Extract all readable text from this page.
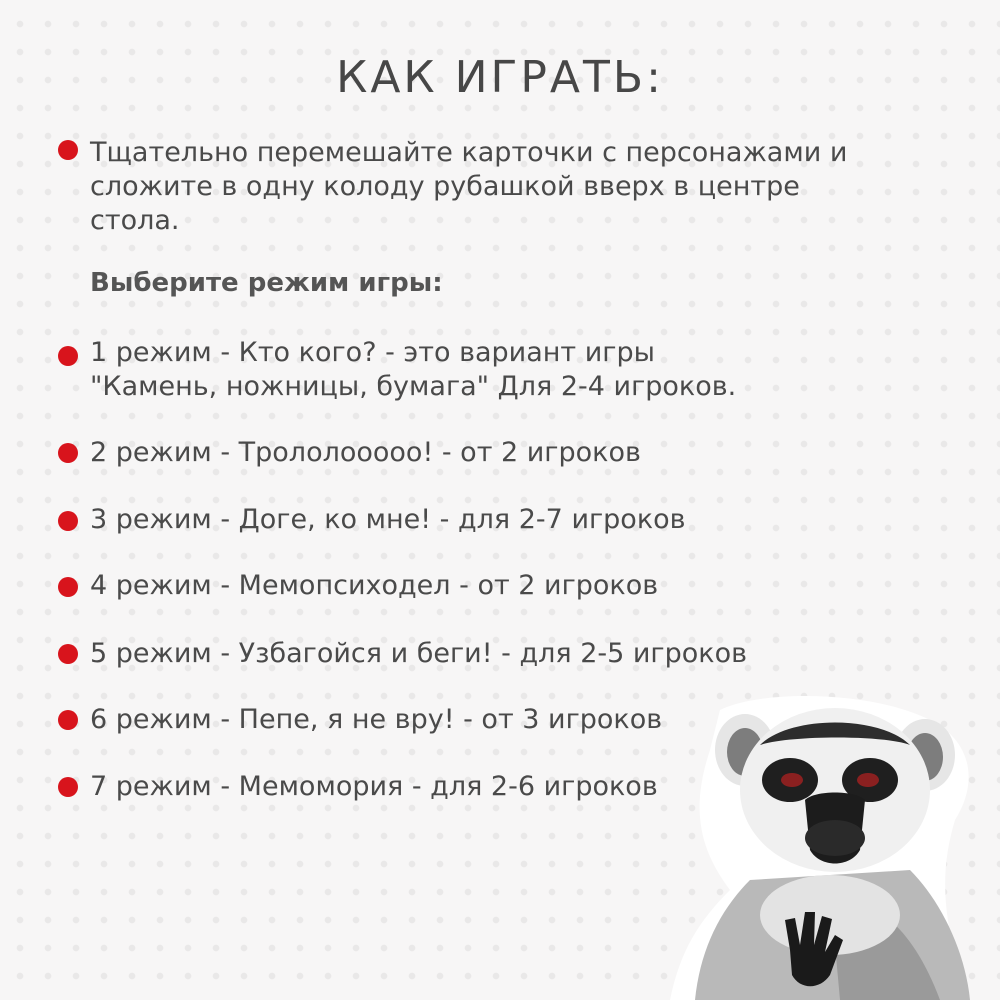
КАК ИГРАТЬ:
Тщательно перемешайте карточки с персонажами и сложите в одну колоду рубашкой вверх в центре стола.
Выберите режим игры:
1 режим - Кто кого? - это вариант игры
"Камень, ножницы, бумага" Для 2-4 игроков.
2 режим - Трололооооо! - от 2 игроков
3 режим - Доге, ко мне! - для 2-7 игроков
4 режим - Мемопсиходел - от 2 игроков
5 режим - Узбагойся и беги! - для 2-5 игроков
6 режим - Пепе, я не вру! - от 3 игроков
7 режим - Мемомория - для 2-6 игроков
